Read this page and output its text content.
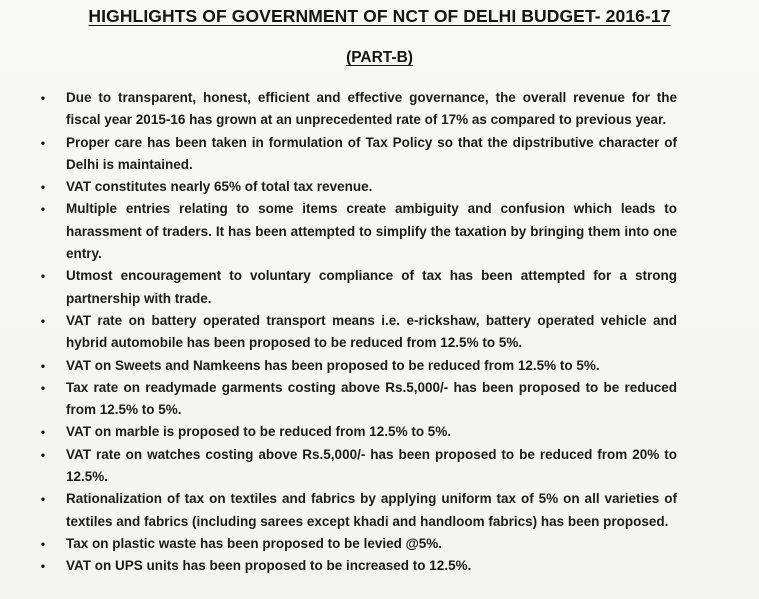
HIGHLIGHTS OF GOVERNMENT OF NCT OF DELHI BUDGET- 2016-17
(PART-B)
• Due to transparent, honest, efficient and effective governance, the overall revenue for the fiscal year 2015-16 has grown at an unprecedented rate of 17% as compared to previous year.
• Proper care has been taken in formulation of Tax Policy so that the dipstributive character of Delhi is maintained.
• VAT constitutes nearly 65% of total tax revenue.
• Multiple entries relating to some items create ambiguity and confusion which leads to harassment of traders. It has been attempted to simplify the taxation by bringing them into one entry.
• Utmost encouragement to voluntary compliance of tax has been attempted for a strong partnership with trade.
• VAT rate on battery operated transport means i.e. e-rickshaw, battery operated vehicle and hybrid automobile has been proposed to be reduced from 12.5% to 5%.
• VAT on Sweets and Namkeens has been proposed to be reduced from 12.5% to 5%.
• Tax rate on readymade garments costing above Rs.5,000/- has been proposed to be reduced from 12.5% to 5%.
• VAT on marble is proposed to be reduced from 12.5% to 5%.
• VAT rate on watches costing above Rs.5,000/- has been proposed to be reduced from 20% to 12.5%.
• Rationalization of tax on textiles and fabrics by applying uniform tax of 5% on all varieties of textiles and fabrics (including sarees except khadi and handloom fabrics) has been proposed.
• Tax on plastic waste has been proposed to be levied @5%.
• VAT on UPS units has been proposed to be increased to 12.5%.
